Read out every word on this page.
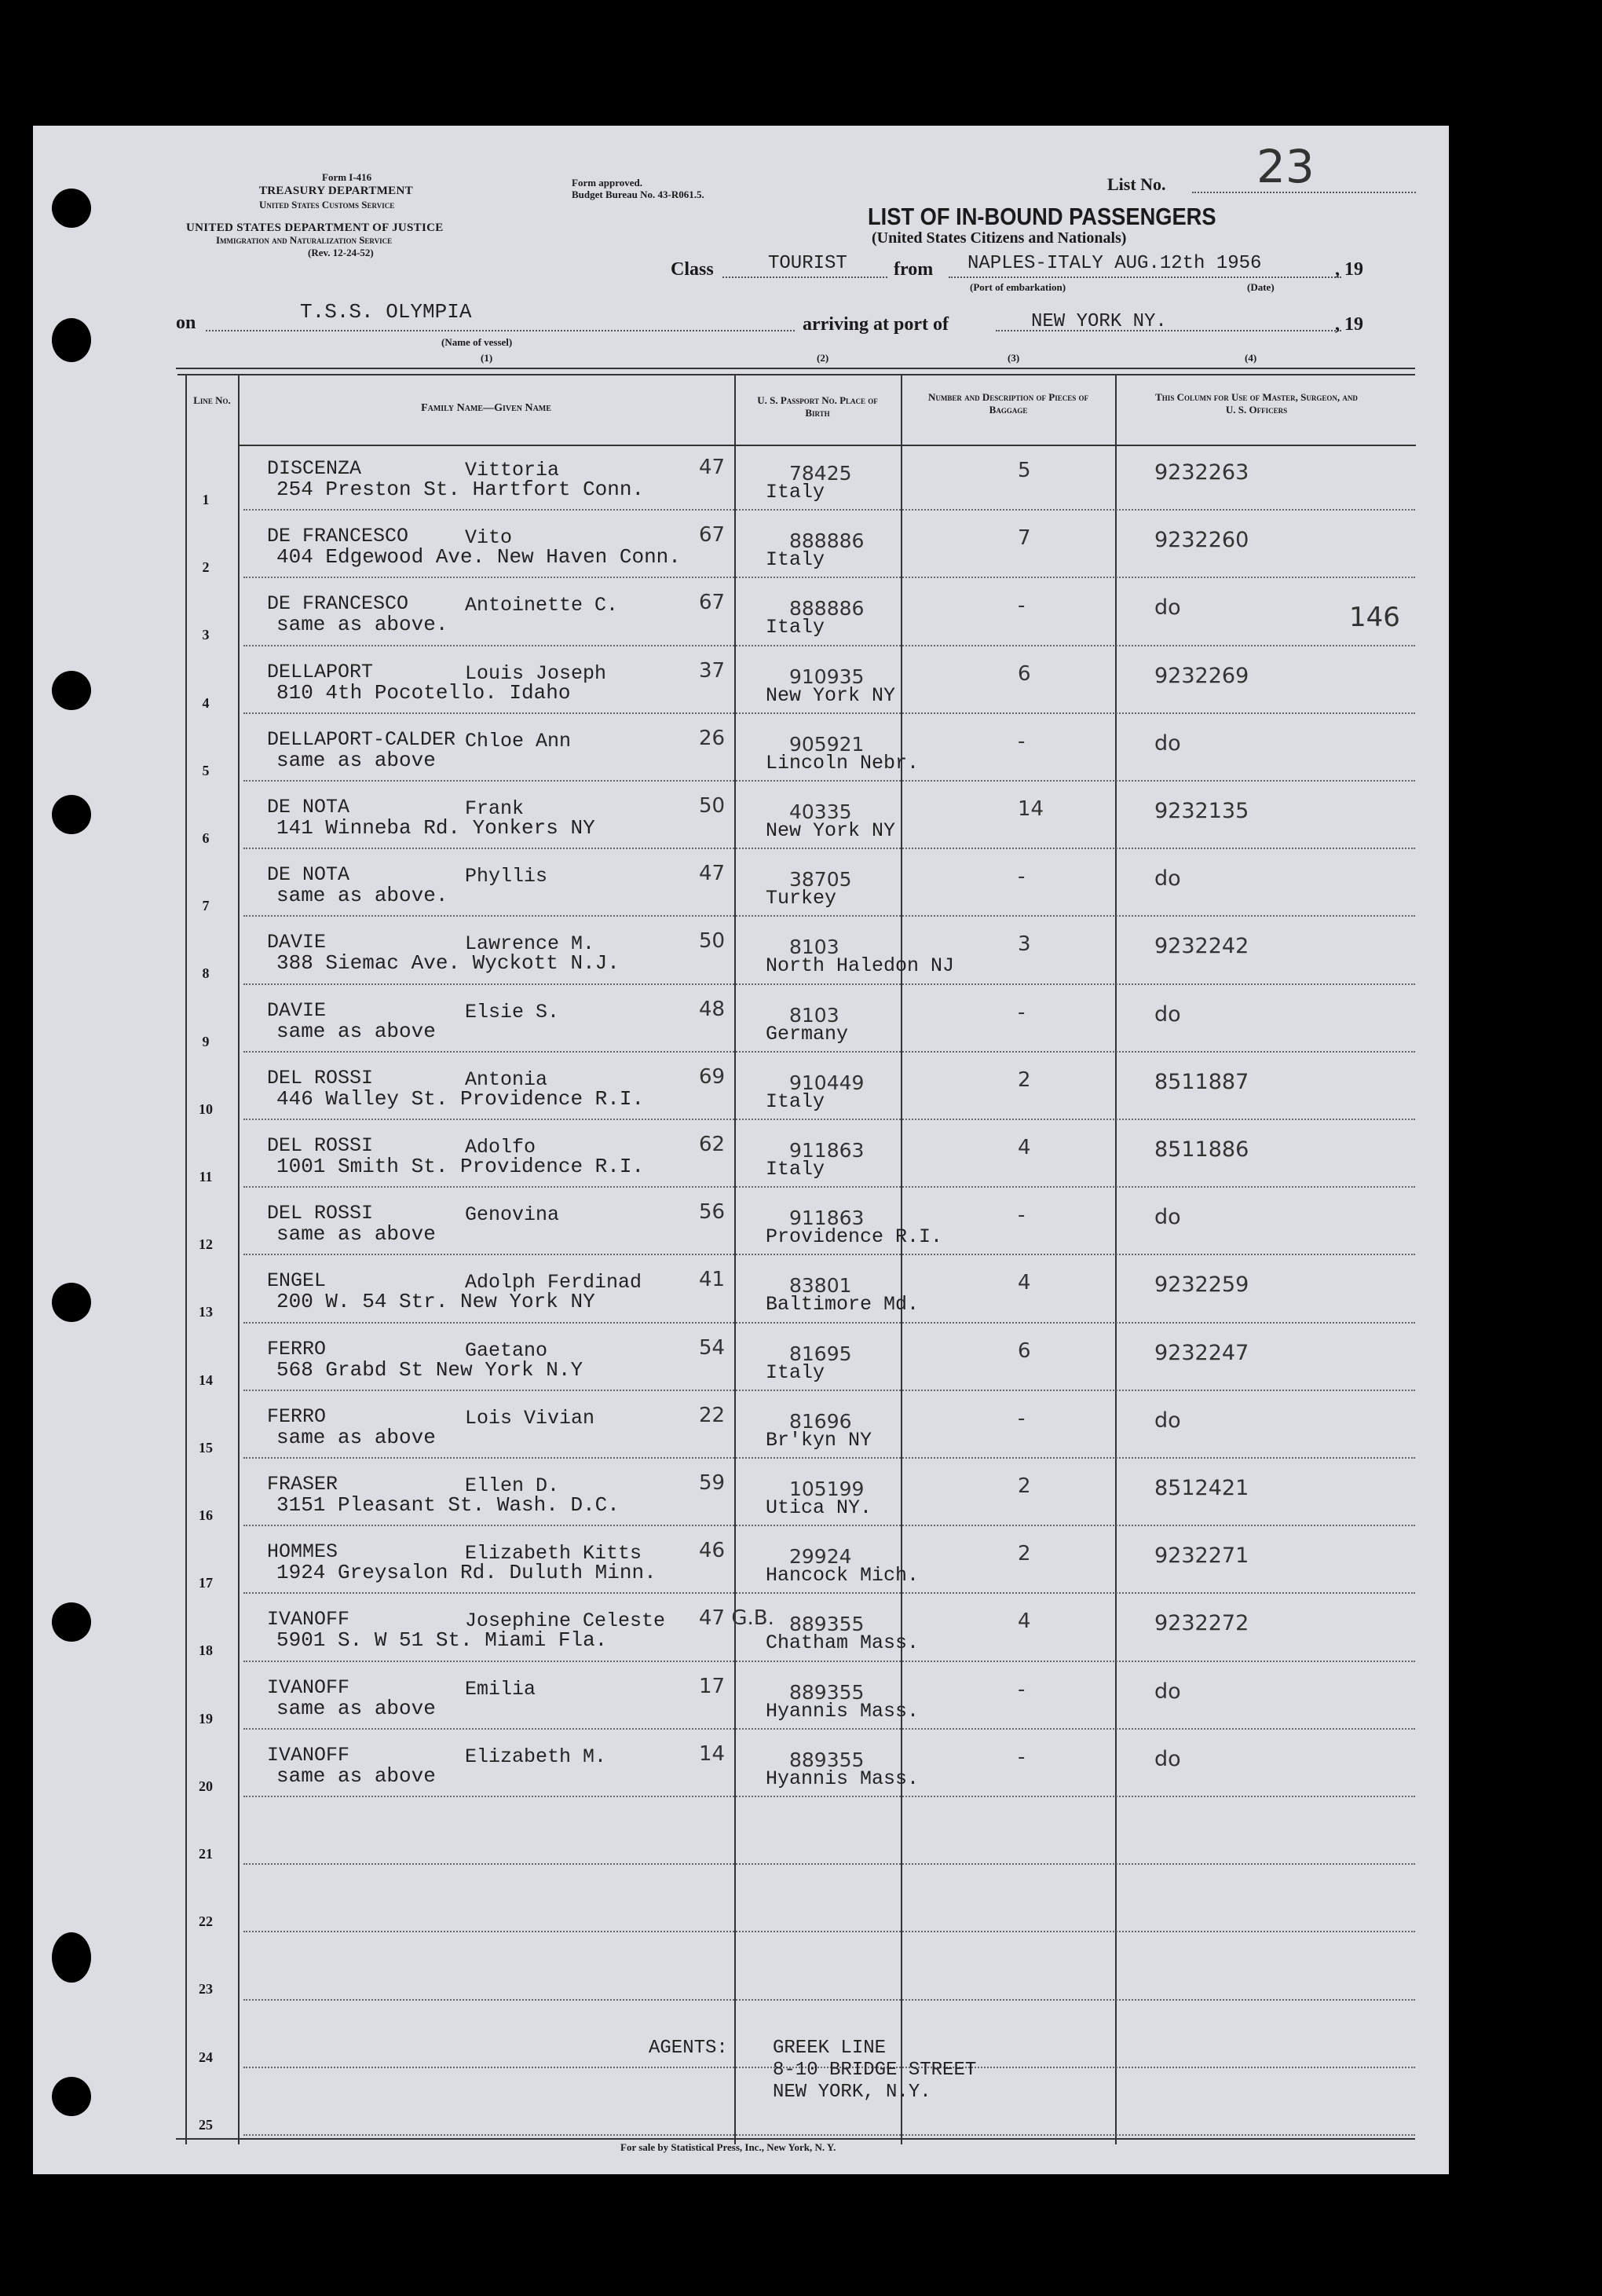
Form I-416
TREASURY DEPARTMENT
United States Customs Service
UNITED STATES DEPARTMENT OF JUSTICE
Immigration and Naturalization Service
(Rev. 12-24-52)
Form approved.
Budget Bureau No. 43-R061.5.
List No. 23
LIST OF IN-BOUND PASSENGERS
(United States Citizens and Nationals)
Class	TOURIST from NAPLES-ITALY AUG.12th 1956	, 19
(Port of embarkation)	(Date)
on	T.S.S. OLYMPIA
(Name of vessel)
arriving at port of	NEW YORK NY.	, 19
(1)	(2)	(3)	(4)
Line No.
Family Name—Given Name
U. S. Passport No. Place of Birth
Number and Description of Pieces of Baggage
This Column for Use of Master, Surgeon, and U. S. Officers
1
DISCENZA	Vittoria	47
254 Preston St. Hartfort Conn.
78425
Italy
5	9232263
2
DE FRANCESCO	Vito	67
404 Edgewood Ave. New Haven Conn.
888886
Italy
7	9232260
3
DE FRANCESCO	Antoinette C.	67
same as above.
888886
Italy
-	do
4
DELLAPORT	Louis Joseph	37
810 4th Pocotello. Idaho
910935
New York NY
6	9232269
5
DELLAPORT-CALDER Chloe Ann	26
same as above
905921
Lincoln Nebr.
-	do
6
DE NOTA	Frank	50
141 Winneba Rd. Yonkers NY
40335
New York NY
14	9232135
7
DE NOTA	Phyllis	47
same as above.
38705
Turkey
-	do
8
DAVIE	Lawrence M.	50
388 Siemac Ave. Wyckott N.J.
8103
North Haledon NJ
3	9232242
9
DAVIE	Elsie S.	48
same as above
8103
Germany
-	do
10
DEL ROSSI	Antonia	69
446 Walley St. Providence R.I.
910449
Italy
2	8511887
11
DEL ROSSI	Adolfo	62
1001 Smith St. Providence R.I.
911863
Italy
4	8511886
12
DEL ROSSI	Genovina	56
same as above
911863
Providence R.I.
-	do
13
ENGEL	Adolph Ferdinad	41
200 W. 54 Str. New York NY
83801
Baltimore Md.
4	9232259
14
FERRO	Gaetano	54
568 Grabd St New York N.Y
81695
Italy
6	9232247
15
FERRO	Lois Vivian	22
same as above
81696
Br'kyn NY
-	do
16
FRASER	Ellen D.	59
3151 Pleasant St. Wash. D.C.
105199
Utica NY.
2	8512421
17
HOMMES	Elizabeth Kitts	46
1924 Greysalon Rd. Duluth Minn.
29924
Hancock Mich.
2	9232271
18
IVANOFF	Josephine Celeste 47 G.B.
5901 S. W 51 St. Miami Fla.
889355
Chatham Mass.
4	9232272
19
IVANOFF	Emilia	17
same as above
889355
Hyannis Mass.
-	do
20
IVANOFF	Elizabeth M.	14
same as above
889355
Hyannis Mass.
-	do
21
22
23
24
25
146
AGENTS: GREEK LINE
8-10 BRIDGE STREET
NEW YORK, N.Y.
For sale by Statistical Press, Inc., New York, N. Y.
